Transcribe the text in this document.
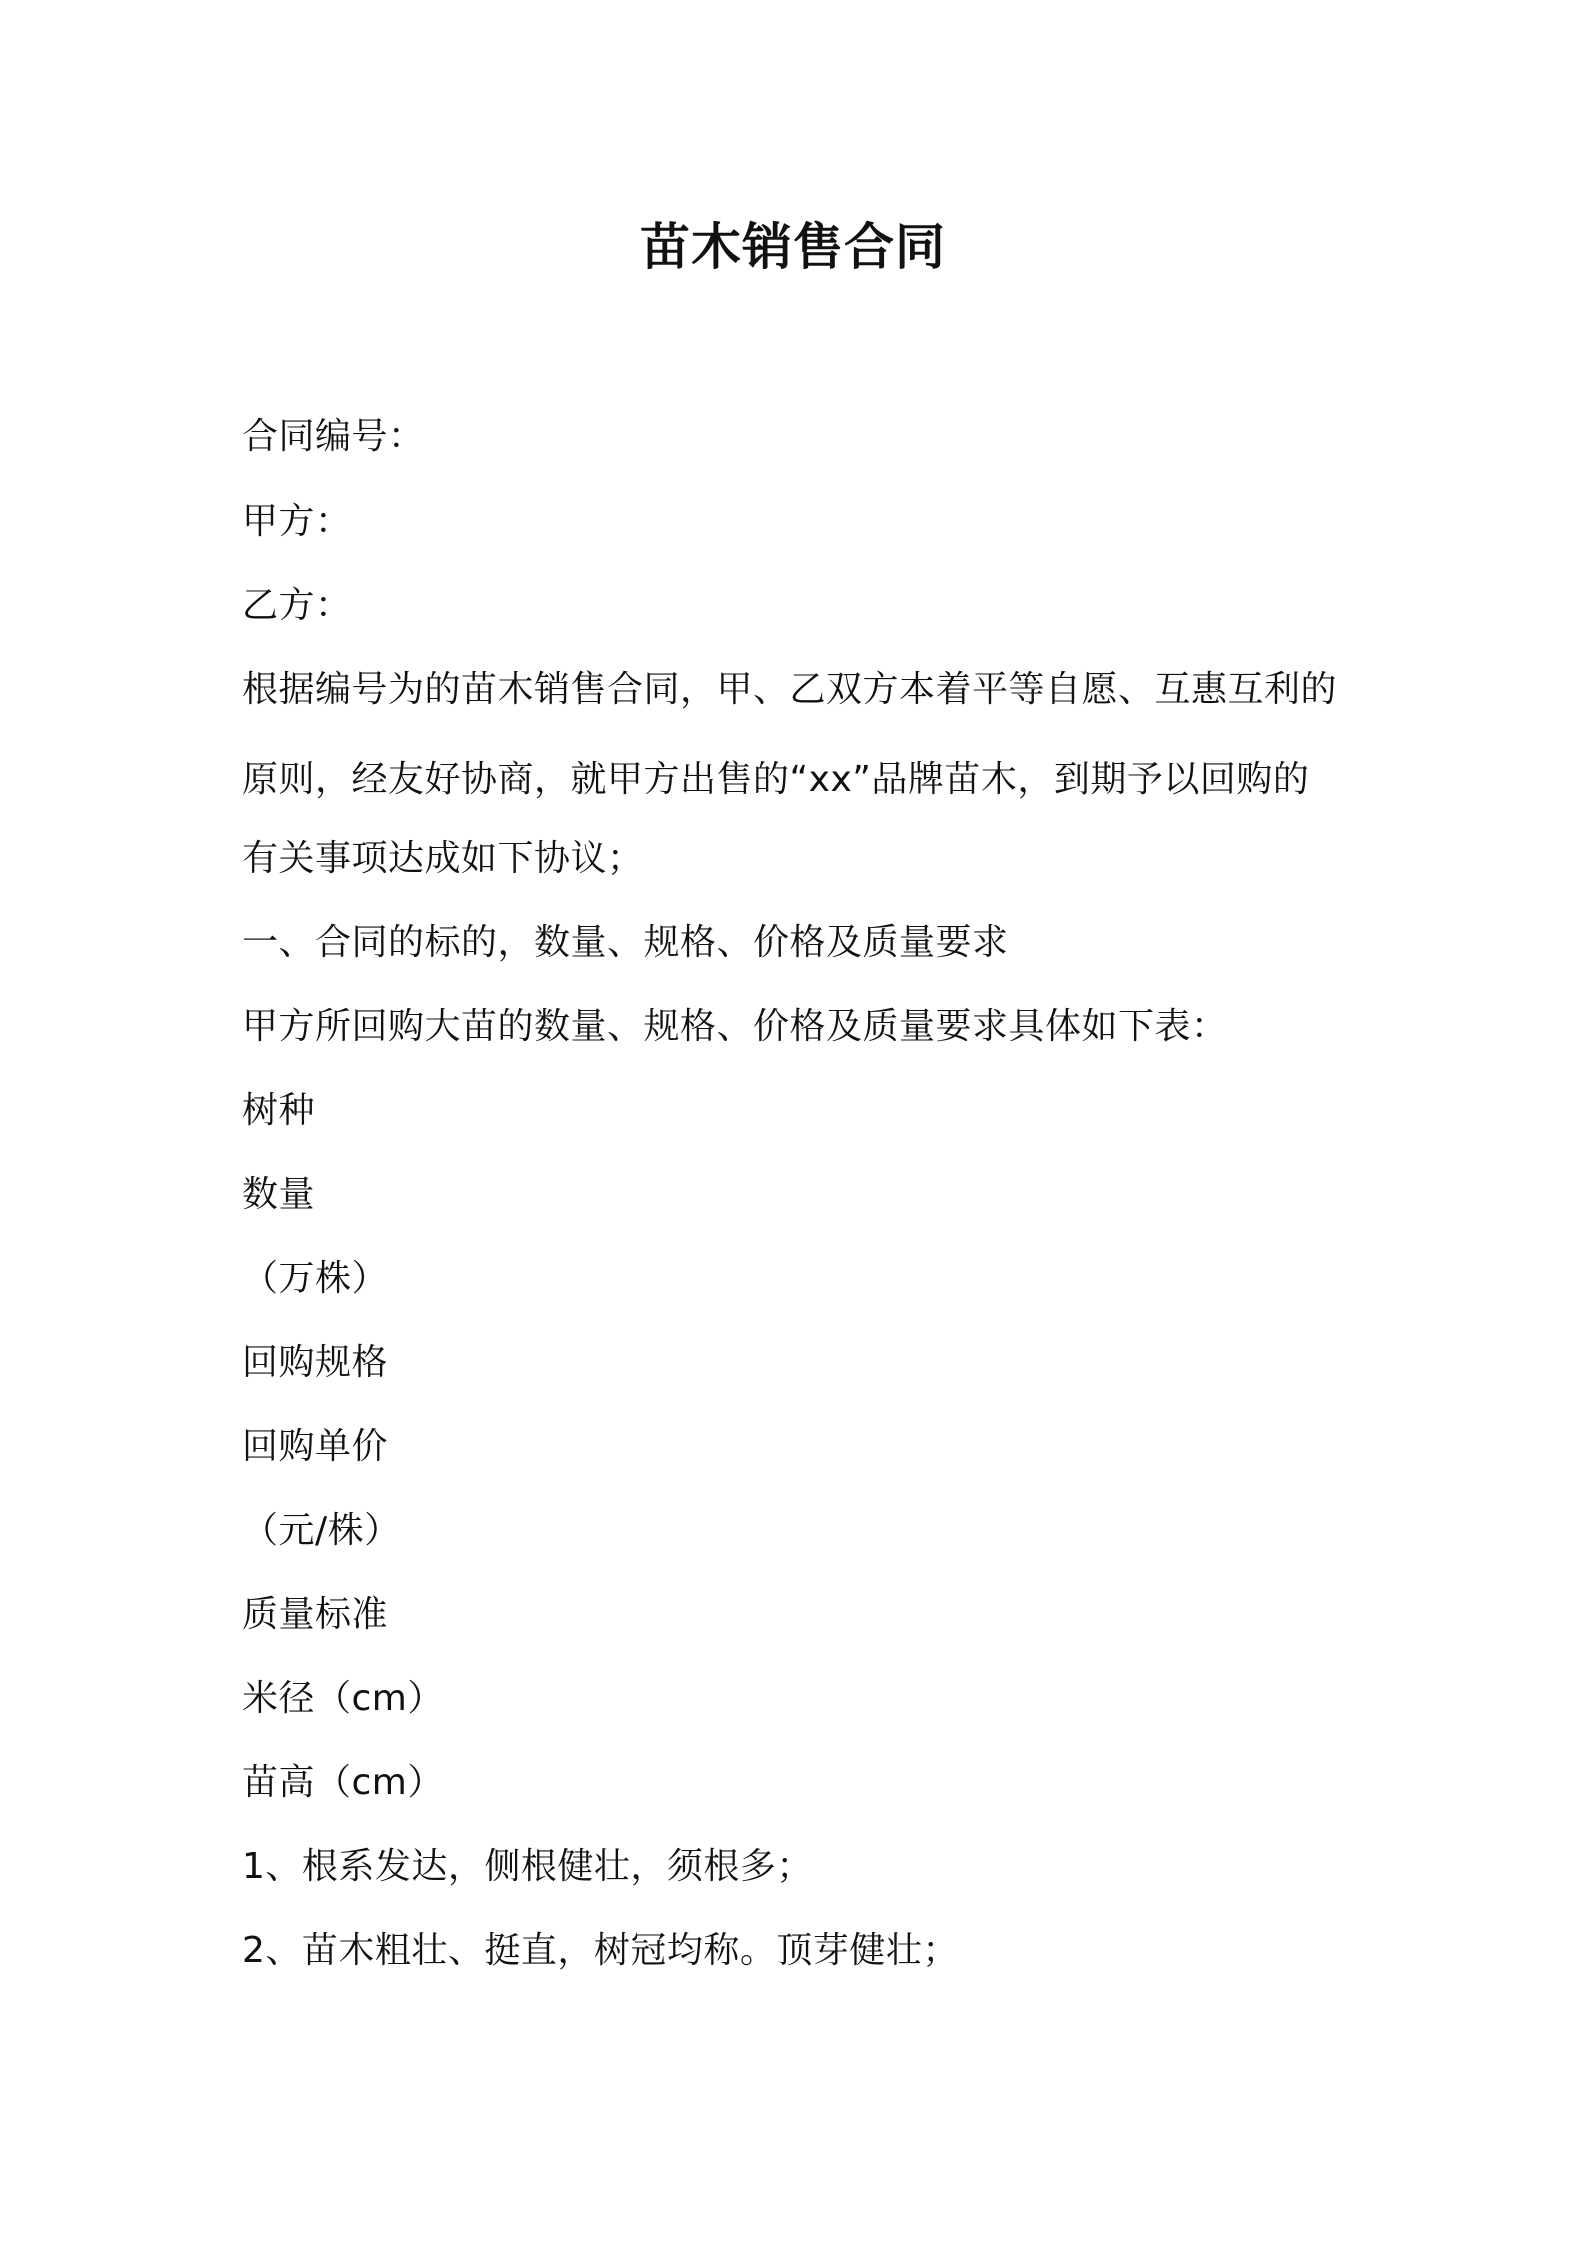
苗木销售合同
合同编号：
甲方：
乙方：
根据编号为的苗木销售合同，甲、乙双方本着平等自愿、互惠互利的
原则，经友好协商，就甲方出售的“xx”品牌苗木，到期予以回购的
有关事项达成如下协议；
一、合同的标的，数量、规格、价格及质量要求
甲方所回购大苗的数量、规格、价格及质量要求具体如下表：
树种
数量
（万株）
回购规格
回购单价
（元/株）
质量标准
米径（cm）
苗高（cm）
1、根系发达，侧根健壮，须根多；
2、苗木粗壮、挺直，树冠均称。顶芽健壮；
